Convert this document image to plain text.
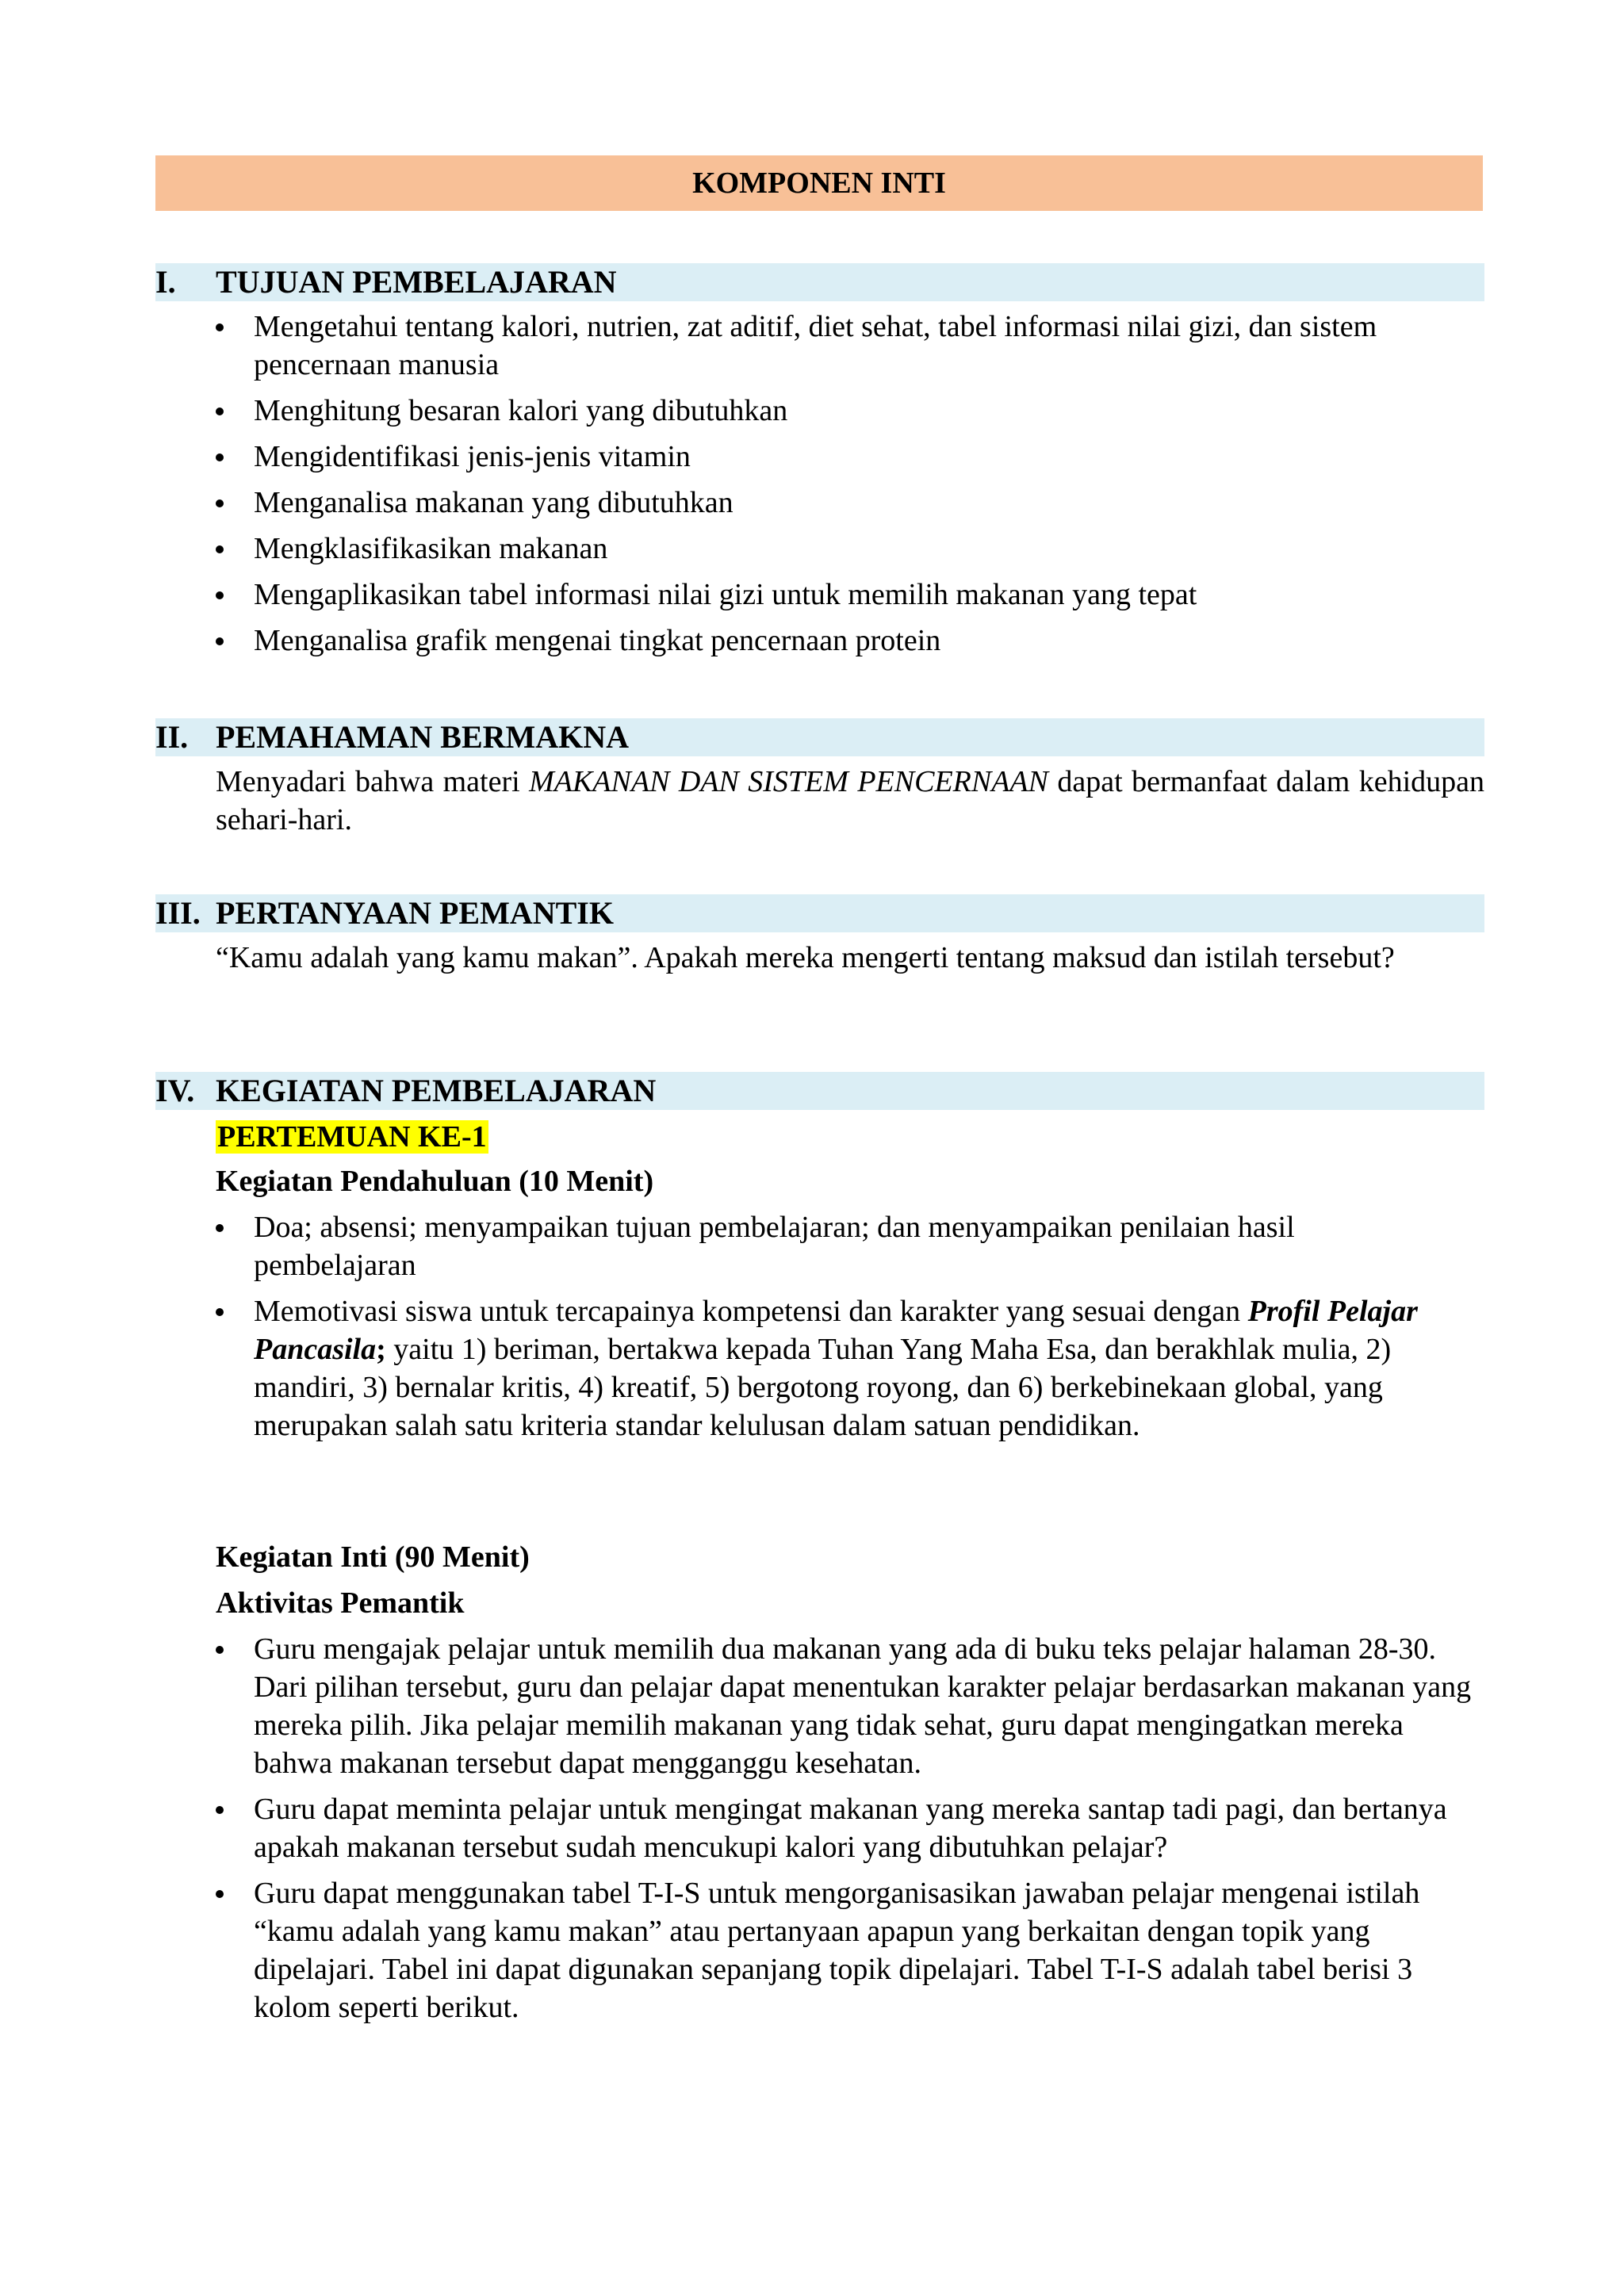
KOMPONEN INTI
I. TUJUAN PEMBELAJARAN
Mengetahui tentang kalori, nutrien, zat aditif, diet sehat, tabel informasi nilai gizi, dan sistem pencernaan manusia
Menghitung besaran kalori yang dibutuhkan
Mengidentifikasi jenis-jenis vitamin
Menganalisa makanan yang dibutuhkan
Mengklasifikasikan makanan
Mengaplikasikan tabel informasi nilai gizi untuk memilih makanan yang tepat
Menganalisa grafik mengenai tingkat pencernaan protein
II. PEMAHAMAN BERMAKNA
Menyadari bahwa materi MAKANAN DAN SISTEM PENCERNAAN dapat bermanfaat dalam kehidupan sehari-hari.
III. PERTANYAAN PEMANTIK
“Kamu adalah yang kamu makan”. Apakah mereka mengerti tentang maksud dan istilah tersebut?
IV. KEGIATAN PEMBELAJARAN
PERTEMUAN KE-1
Kegiatan Pendahuluan (10 Menit)
Doa; absensi; menyampaikan tujuan pembelajaran; dan menyampaikan penilaian hasil pembelajaran
Memotivasi siswa untuk tercapainya kompetensi dan karakter yang sesuai dengan Profil Pelajar Pancasila; yaitu 1) beriman, bertakwa kepada Tuhan Yang Maha Esa, dan berakhlak mulia, 2) mandiri, 3) bernalar kritis, 4) kreatif, 5) bergotong royong, dan 6) berkebinekaan global, yang merupakan salah satu kriteria standar kelulusan dalam satuan pendidikan.
Kegiatan Inti (90 Menit)
Aktivitas Pemantik
Guru mengajak pelajar untuk memilih dua makanan yang ada di buku teks pelajar halaman 28-30. Dari pilihan tersebut, guru dan pelajar dapat menentukan karakter pelajar berdasarkan makanan yang mereka pilih. Jika pelajar memilih makanan yang tidak sehat, guru dapat mengingatkan mereka bahwa makanan tersebut dapat mengganggu kesehatan.
Guru dapat meminta pelajar untuk mengingat makanan yang mereka santap tadi pagi, dan bertanya apakah makanan tersebut sudah mencukupi kalori yang dibutuhkan pelajar?
Guru dapat menggunakan tabel T-I-S untuk mengorganisasikan jawaban pelajar mengenai istilah “kamu adalah yang kamu makan” atau pertanyaan apapun yang berkaitan dengan topik yang dipelajari. Tabel ini dapat digunakan sepanjang topik dipelajari. Tabel T-I-S adalah tabel berisi 3 kolom seperti berikut.
